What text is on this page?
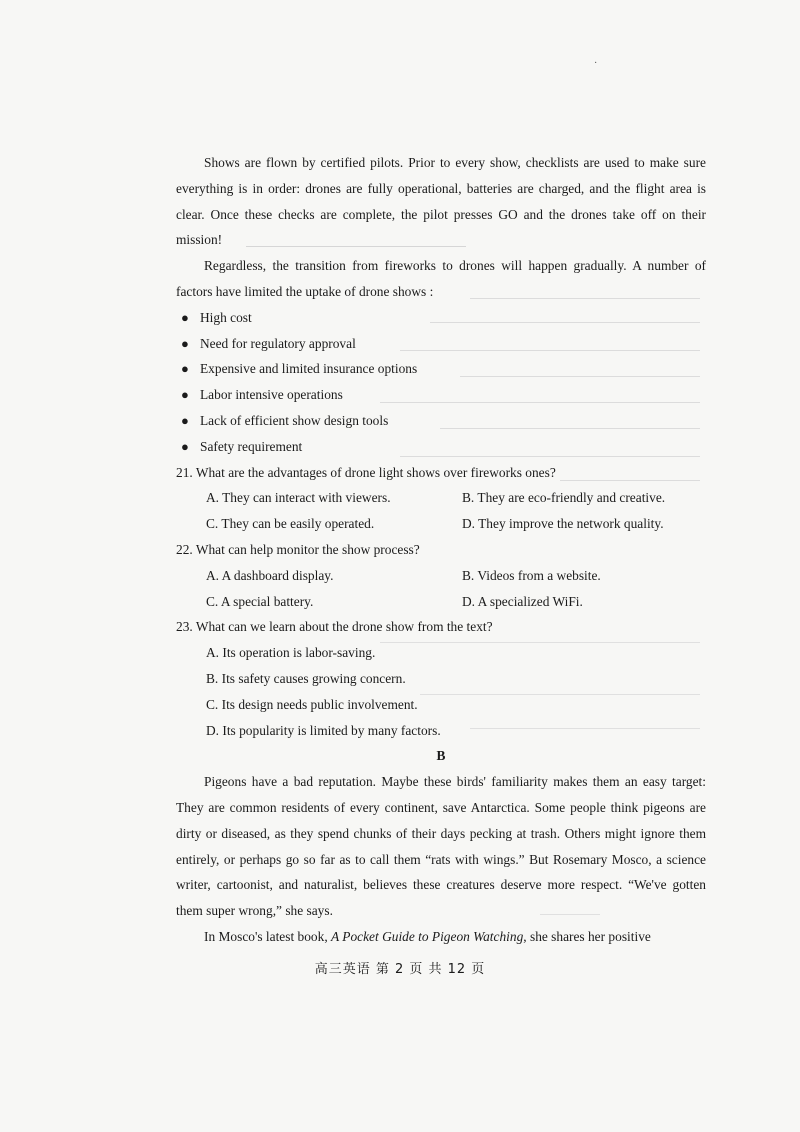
·

Shows are flown by certified pilots. Prior to every show, checklists are used to make sure everything is in order: drones are fully operational, batteries are charged, and the flight area is clear. Once these checks are complete, the pilot presses GO and the drones take off on their mission!

Regardless, the transition from fireworks to drones will happen gradually. A number of factors have limited the uptake of drone shows :

● High cost
● Need for regulatory approval
● Expensive and limited insurance options
● Labor intensive operations
● Lack of efficient show design tools
● Safety requirement

21. What are the advantages of drone light shows over fireworks ones?

A. They can interact with viewers.	B. They are eco-friendly and creative.
C. They can be easily operated.	D. They improve the network quality.

22. What can help monitor the show process?

A. A dashboard display.	B. Videos from a website.
C. A special battery.	D. A specialized WiFi.

23. What can we learn about the drone show from the text?

A. Its operation is labor-saving.
B. Its safety causes growing concern.
C. Its design needs public involvement.
D. Its popularity is limited by many factors.

B

Pigeons have a bad reputation. Maybe these birds' familiarity makes them an easy target: They are common residents of every continent, save Antarctica. Some people think pigeons are dirty or diseased, as they spend chunks of their days pecking at trash. Others might ignore them entirely, or perhaps go so far as to call them “rats with wings.” But Rosemary Mosco, a science writer, cartoonist, and naturalist, believes these creatures deserve more respect. “We've gotten them super wrong,” she says.

In Mosco's latest book, A Pocket Guide to Pigeon Watching, she shares her positive

高三英语 第 2 页 共 12 页
